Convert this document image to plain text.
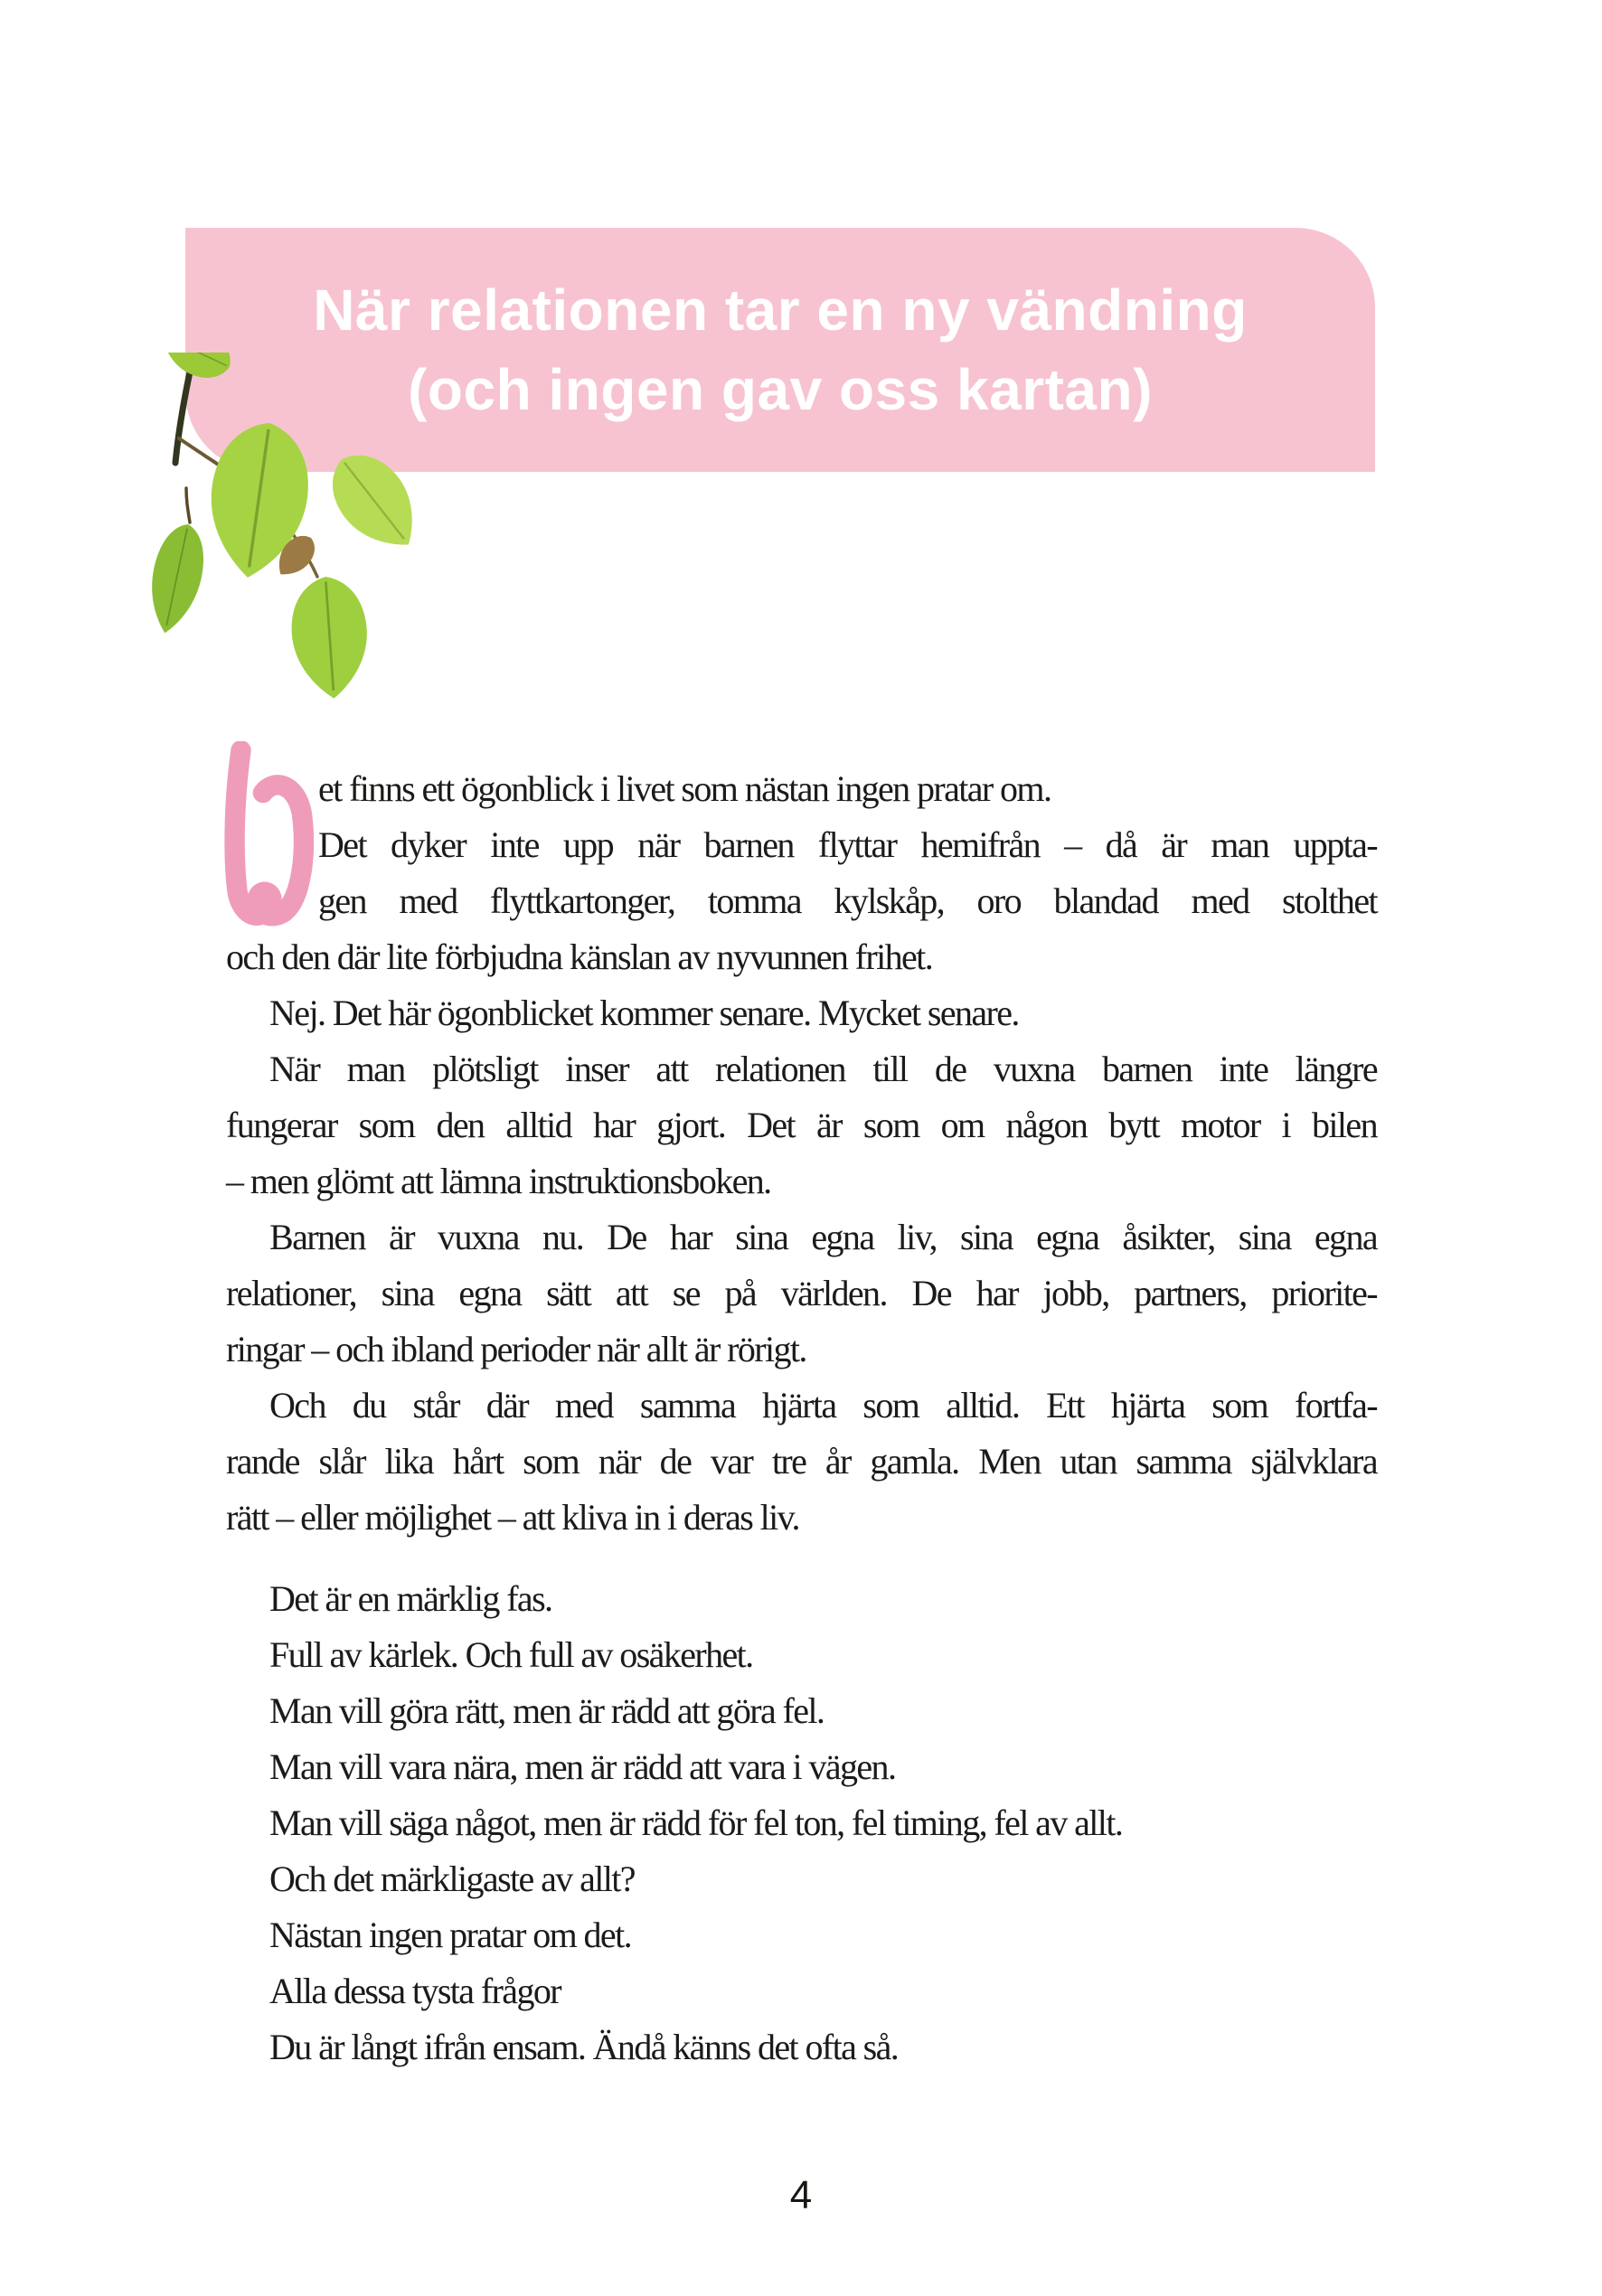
När relationen tar en ny vändning
(och ingen gav oss kartan)
et finns ett ögonblick i livet som nästan ingen pratar om.
Det dyker inte upp när barnen flyttar hemifrån – då är man uppta-
gen med flyttkartonger, tomma kylskåp, oro blandad med stolthet
och den där lite förbjudna känslan av nyvunnen frihet.
Nej. Det här ögonblicket kommer senare. Mycket senare.
När man plötsligt inser att relationen till de vuxna barnen inte längre
fungerar som den alltid har gjort. Det är som om någon bytt motor i bilen
– men glömt att lämna instruktionsboken.
Barnen är vuxna nu. De har sina egna liv, sina egna åsikter, sina egna
relationer, sina egna sätt att se på världen. De har jobb, partners, priorite-
ringar – och ibland perioder när allt är rörigt.
Och du står där med samma hjärta som alltid. Ett hjärta som fortfa-
rande slår lika hårt som när de var tre år gamla. Men utan samma självklara
rätt – eller möjlighet – att kliva in i deras liv.
Det är en märklig fas.
Full av kärlek. Och full av osäkerhet.
Man vill göra rätt, men är rädd att göra fel.
Man vill vara nära, men är rädd att vara i vägen.
Man vill säga något, men är rädd för fel ton, fel timing, fel av allt.
Och det märkligaste av allt?
Nästan ingen pratar om det.
Alla dessa tysta frågor
Du är långt ifrån ensam. Ändå känns det ofta så.
4
